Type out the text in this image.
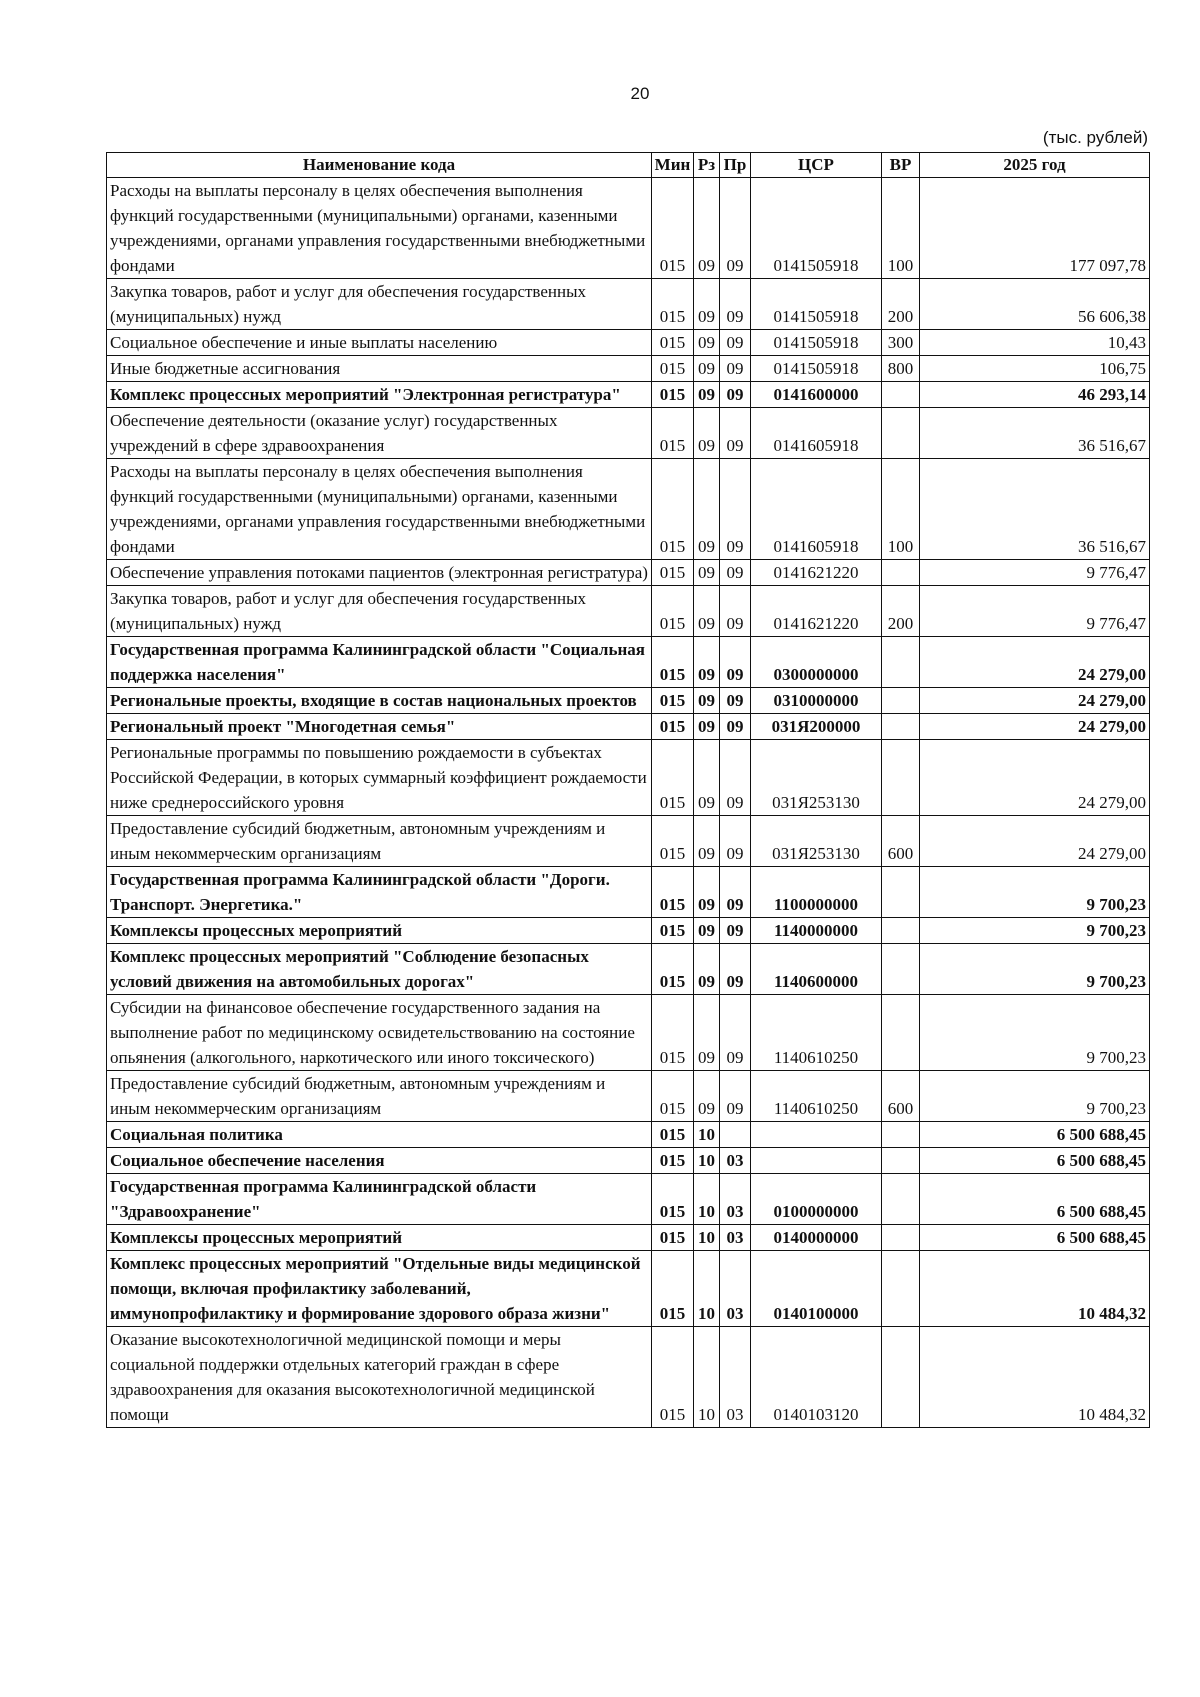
20
(тыс. рублей)
Наименование кода	Мин	Рз	Пр	ЦСР	ВР	2025 год
Расходы на выплаты персоналу в целях обеспечения выполнения функций государственными (муниципальными) органами, казенными учреждениями, органами управления государственными внебюджетными фондами	015	09	09	0141505918	100	177 097,78
Закупка товаров, работ и услуг для обеспечения государственных (муниципальных) нужд	015	09	09	0141505918	200	56 606,38
Социальное обеспечение и иные выплаты населению	015	09	09	0141505918	300	10,43
Иные бюджетные ассигнования	015	09	09	0141505918	800	106,75
Комплекс процессных мероприятий "Электронная регистратура"	015	09	09	0141600000		46 293,14
Обеспечение деятельности (оказание услуг) государственных учреждений в сфере здравоохранения	015	09	09	0141605918		36 516,67
Расходы на выплаты персоналу в целях обеспечения выполнения функций государственными (муниципальными) органами, казенными учреждениями, органами управления государственными внебюджетными фондами	015	09	09	0141605918	100	36 516,67
Обеспечение управления потоками пациентов (электронная регистратура)	015	09	09	0141621220		9 776,47
Закупка товаров, работ и услуг для обеспечения государственных (муниципальных) нужд	015	09	09	0141621220	200	9 776,47
Государственная программа Калининградской области "Социальная поддержка населения"	015	09	09	0300000000		24 279,00
Региональные проекты, входящие в состав национальных проектов	015	09	09	0310000000		24 279,00
Региональный проект "Многодетная семья"	015	09	09	031Я200000		24 279,00
Региональные программы по повышению рождаемости в субъектах Российской Федерации, в которых суммарный коэффициент рождаемости ниже среднероссийского уровня	015	09	09	031Я253130		24 279,00
Предоставление субсидий бюджетным, автономным учреждениям и иным некоммерческим организациям	015	09	09	031Я253130	600	24 279,00
Государственная программа Калининградской области "Дороги. Транспорт. Энергетика."	015	09	09	1100000000		9 700,23
Комплексы процессных мероприятий	015	09	09	1140000000		9 700,23
Комплекс процессных мероприятий "Соблюдение безопасных условий движения на автомобильных дорогах"	015	09	09	1140600000		9 700,23
Субсидии на финансовое обеспечение государственного задания на выполнение работ по медицинскому освидетельствованию на состояние опьянения (алкогольного, наркотического или иного токсического)	015	09	09	1140610250		9 700,23
Предоставление субсидий бюджетным, автономным учреждениям и иным некоммерческим организациям	015	09	09	1140610250	600	9 700,23
Социальная политика	015	10				6 500 688,45
Социальное обеспечение населения	015	10	03			6 500 688,45
Государственная программа Калининградской области "Здравоохранение"	015	10	03	0100000000		6 500 688,45
Комплексы процессных мероприятий	015	10	03	0140000000		6 500 688,45
Комплекс процессных мероприятий "Отдельные виды медицинской помощи, включая профилактику заболеваний, иммунопрофилактику и формирование здорового образа жизни"	015	10	03	0140100000		10 484,32
Оказание высокотехнологичной медицинской помощи и меры социальной поддержки отдельных категорий граждан в сфере здравоохранения для оказания высокотехнологичной медицинской помощи	015	10	03	0140103120		10 484,32
